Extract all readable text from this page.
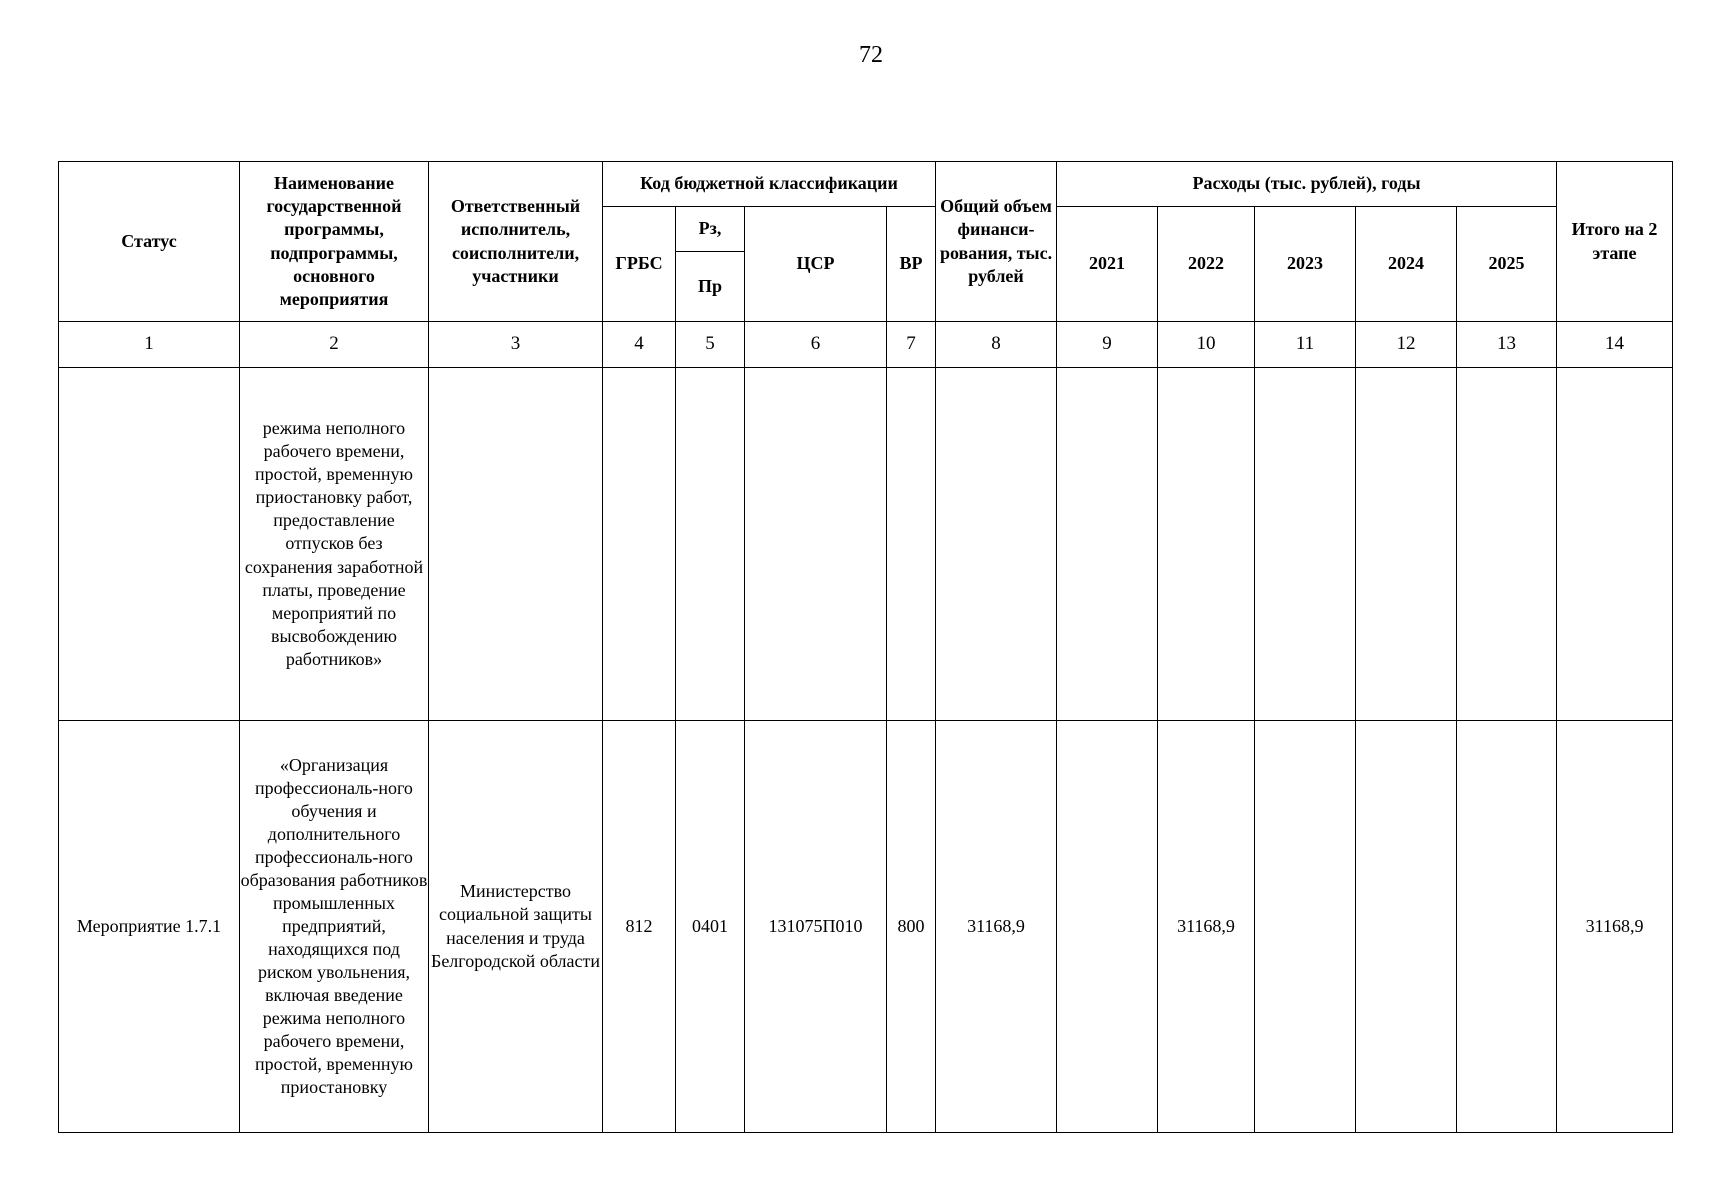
72
Статус	Наименование государственной программы, подпрограммы, основного мероприятия	Ответственный исполнитель, соисполнители, участники	Код бюджетной классификации				Общий объем финанси-рования, тыс. рублей	Расходы (тыс. рублей), годы					Итого на 2 этапе
			ГРБС	Рз,	ЦСР	ВР		2021	2022	2023	2024	2025	
				Пр									
1	2	3	4	5	6	7	8	9	10	11	12	13	14
	режима неполного рабочего времени, простой, временную приостановку работ, предоставление отпусков без сохранения заработной платы, проведение мероприятий по высвобождению работников»												
Мероприятие 1.7.1	«Организация профессиональ-ного обучения и дополнительного профессиональ-ного образования работников промышленных предприятий, находящихся под риском увольнения, включая введение режима неполного рабочего времени, простой, временную приостановку	Министерство социальной защиты населения и труда Белгородской области	812	0401	131075П010	800	31168,9		31168,9				31168,9
